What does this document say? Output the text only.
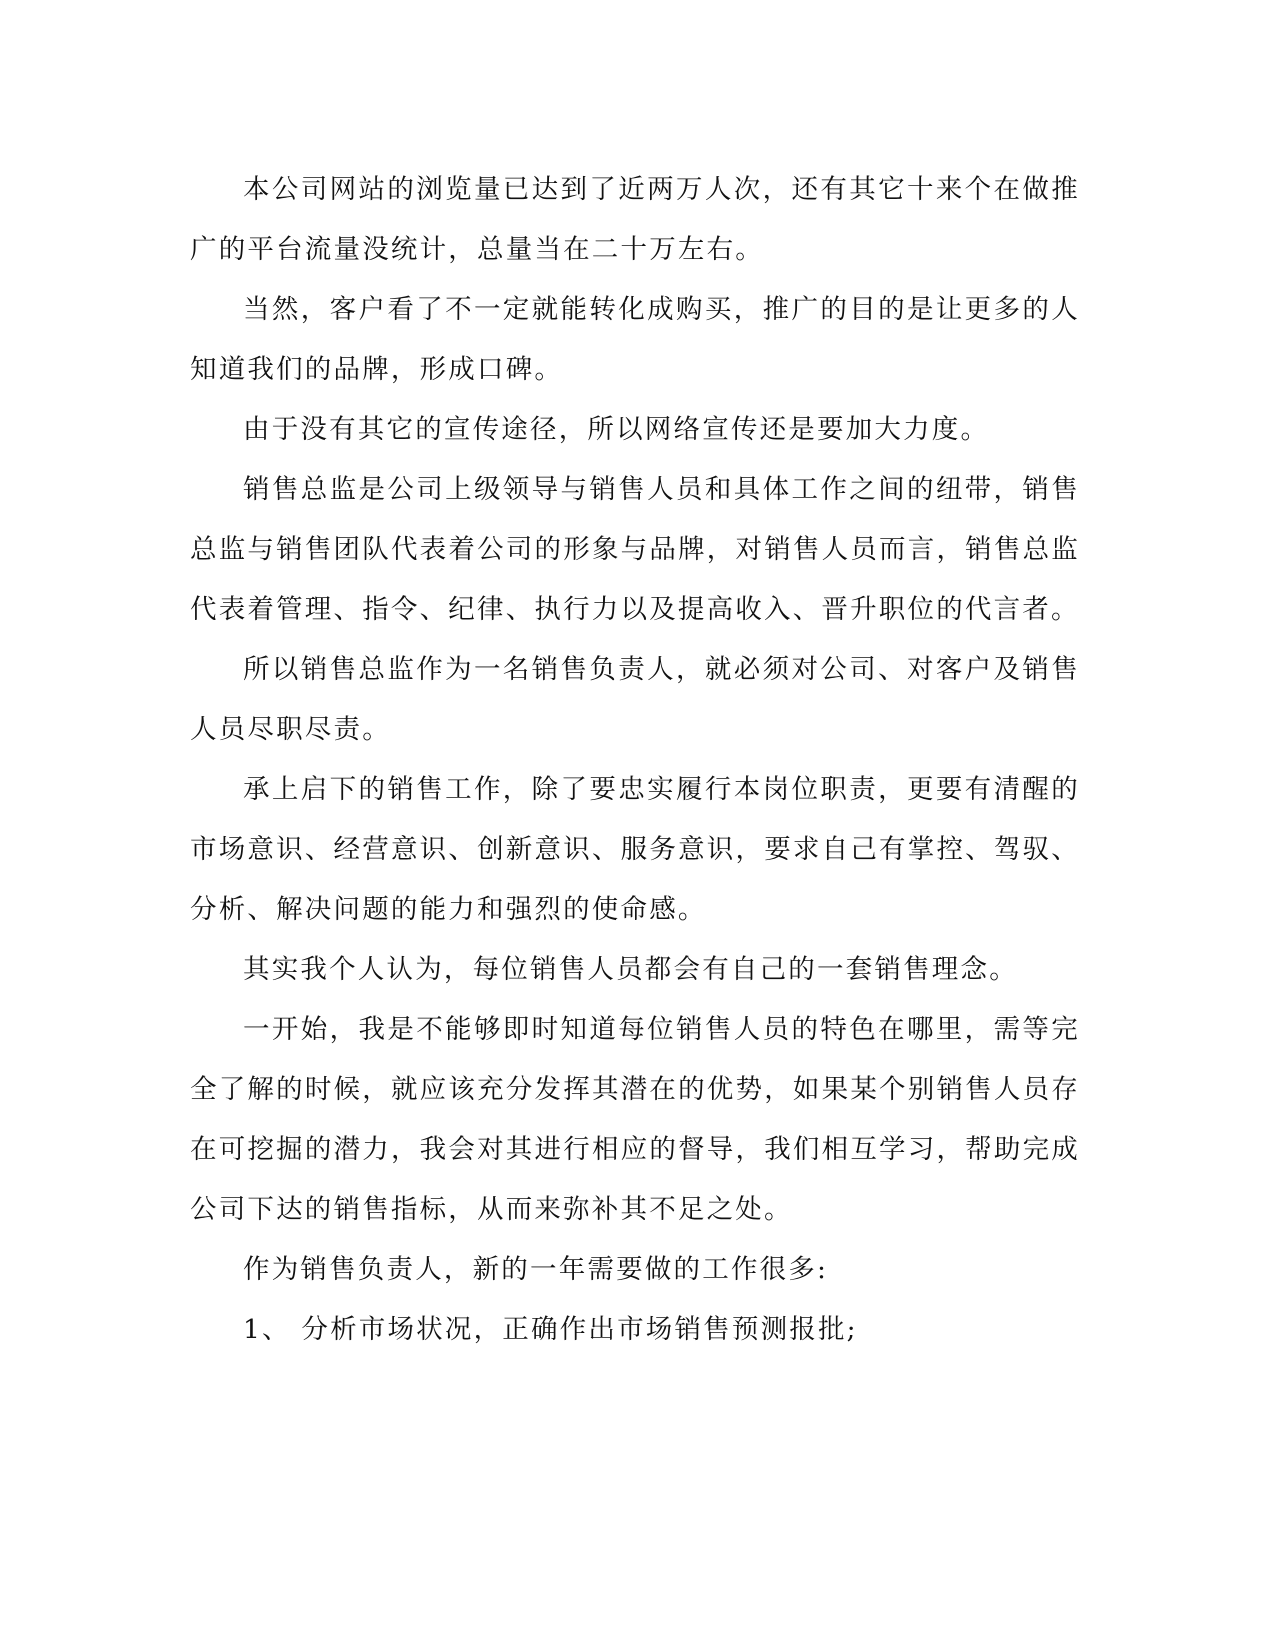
本公司网站的浏览量已达到了近两万人次，还有其它十来个在做推广的平台流量没统计，总量当在二十万左右。

当然，客户看了不一定就能转化成购买，推广的目的是让更多的人知道我们的品牌，形成口碑。

由于没有其它的宣传途径，所以网络宣传还是要加大力度。

销售总监是公司上级领导与销售人员和具体工作之间的纽带，销售总监与销售团队代表着公司的形象与品牌，对销售人员而言，销售总监代表着管理、指令、纪律、执行力以及提高收入、晋升职位的代言者。

所以销售总监作为一名销售负责人，就必须对公司、对客户及销售人员尽职尽责。

承上启下的销售工作，除了要忠实履行本岗位职责，更要有清醒的市场意识、经营意识、创新意识、服务意识，要求自己有掌控、驾驭、分析、解决问题的能力和强烈的使命感。

其实我个人认为，每位销售人员都会有自己的一套销售理念。

一开始，我是不能够即时知道每位销售人员的特色在哪里，需等完全了解的时候，就应该充分发挥其潜在的优势，如果某个别销售人员存在可挖掘的潜力，我会对其进行相应的督导，我们相互学习，帮助完成公司下达的销售指标，从而来弥补其不足之处。

作为销售负责人，新的一年需要做的工作很多:

1、 分析市场状况，正确作出市场销售预测报批;
